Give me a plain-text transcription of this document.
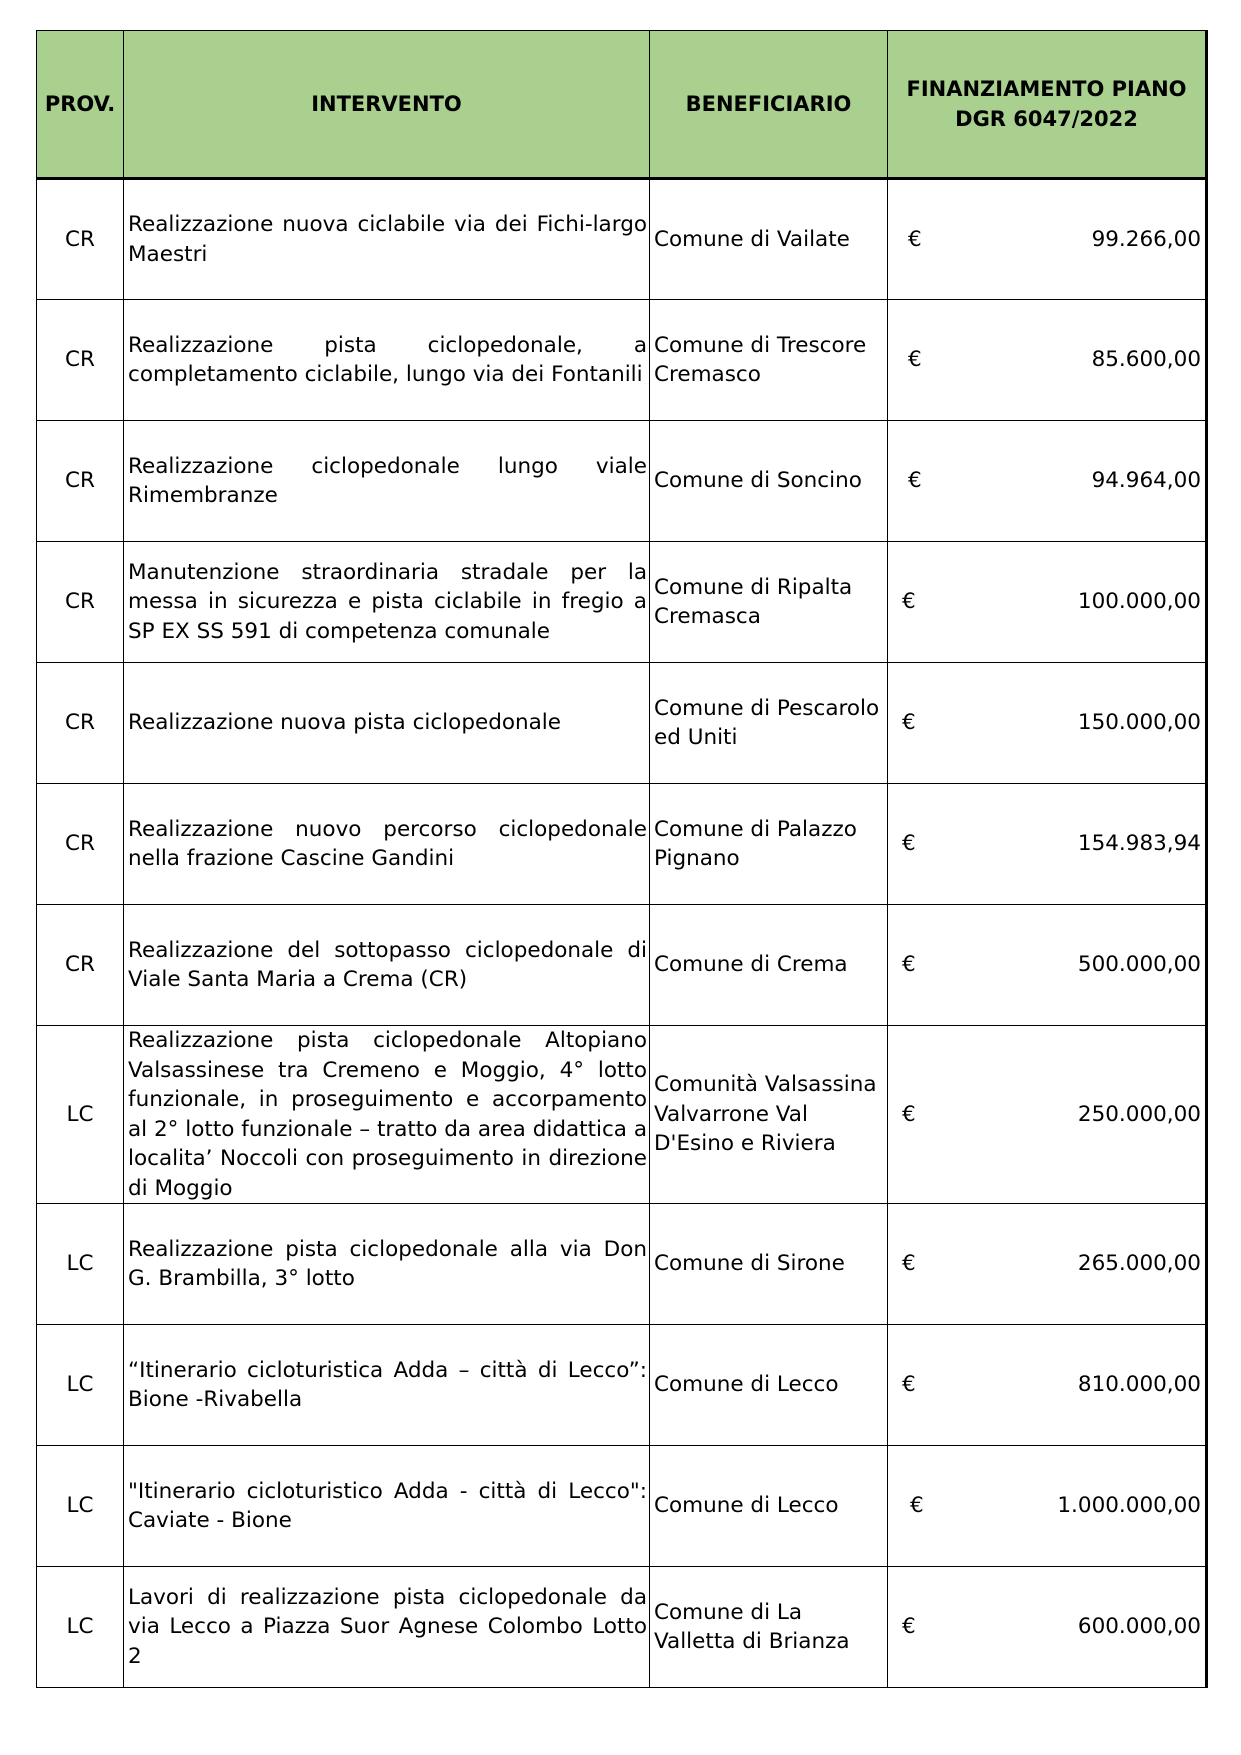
PROV.	INTERVENTO	BENEFICIARIO	FINANZIAMENTO PIANO
DGR 6047/2022

CR	Realizzazione nuova ciclabile via dei Fichi-largo Maestri	Comune di Vailate	€ 99.266,00

CR	Realizzazione pista ciclopedonale, a completamento ciclabile, lungo via dei Fontanili	Comune di Trescore Cremasco	€ 85.600,00

CR	Realizzazione ciclopedonale lungo viale Rimembranze	Comune di Soncino	€ 94.964,00

CR	Manutenzione straordinaria stradale per la messa in sicurezza e pista ciclabile in fregio a SP EX SS 591 di competenza comunale	Comune di Ripalta Cremasca	€ 100.000,00

CR	Realizzazione nuova pista ciclopedonale	Comune di Pescarolo ed Uniti	€ 150.000,00

CR	Realizzazione nuovo percorso ciclopedonale nella frazione Cascine Gandini	Comune di Palazzo Pignano	€ 154.983,94

CR	Realizzazione del sottopasso ciclopedonale di Viale Santa Maria a Crema (CR)	Comune di Crema	€ 500.000,00

LC	Realizzazione pista ciclopedonale Altopiano Valsassinese tra Cremeno e Moggio, 4° lotto funzionale, in proseguimento e accorpamento al 2° lotto funzionale – tratto da area didattica a localita’ Noccoli con proseguimento in direzione di Moggio	Comunità Valsassina Valvarrone Val D'Esino e Riviera	€ 250.000,00

LC	Realizzazione pista ciclopedonale alla via Don G. Brambilla, 3° lotto	Comune di Sirone	€ 265.000,00

LC	“Itinerario cicloturistica Adda – città di Lecco”: Bione -Rivabella	Comune di Lecco	€ 810.000,00

LC	"Itinerario cicloturistico Adda - città di Lecco": Caviate - Bione	Comune di Lecco	€ 1.000.000,00

LC	Lavori di realizzazione pista ciclopedonale da via Lecco a Piazza Suor Agnese Colombo Lotto 2	Comune di La Valletta di Brianza	€ 600.000,00
